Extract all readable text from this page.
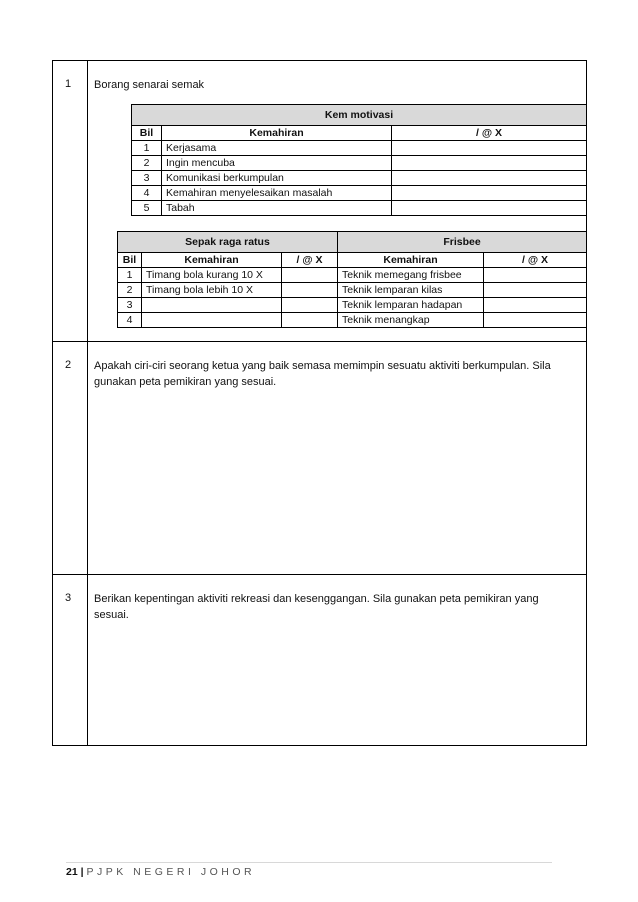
1 Borang senarai semak
Kem motivasi		
Bil	Kemahiran	/ @ X
1	Kerjasama	
2	Ingin mencuba	
3	Komunikasi berkumpulan	
4	Kemahiran menyelesaikan masalah	
5	Tabah	
Sepak raga ratus			Frisbee	
Bil	Kemahiran	/ @ X	Kemahiran	/ @ X
1	Timang bola kurang 10 X		Teknik memegang frisbee	
2	Timang bola lebih 10 X		Teknik lemparan kilas	
3			Teknik lemparan hadapan	
4			Teknik menangkap	
2 Apakah ciri-ciri seorang ketua yang baik semasa memimpin sesuatu aktiviti berkumpulan. Sila gunakan peta pemikiran yang sesuai.
3 Berikan kepentingan aktiviti rekreasi dan kesenggangan. Sila gunakan peta pemikiran yang sesuai.
21 | PJPK NEGERI JOHOR
